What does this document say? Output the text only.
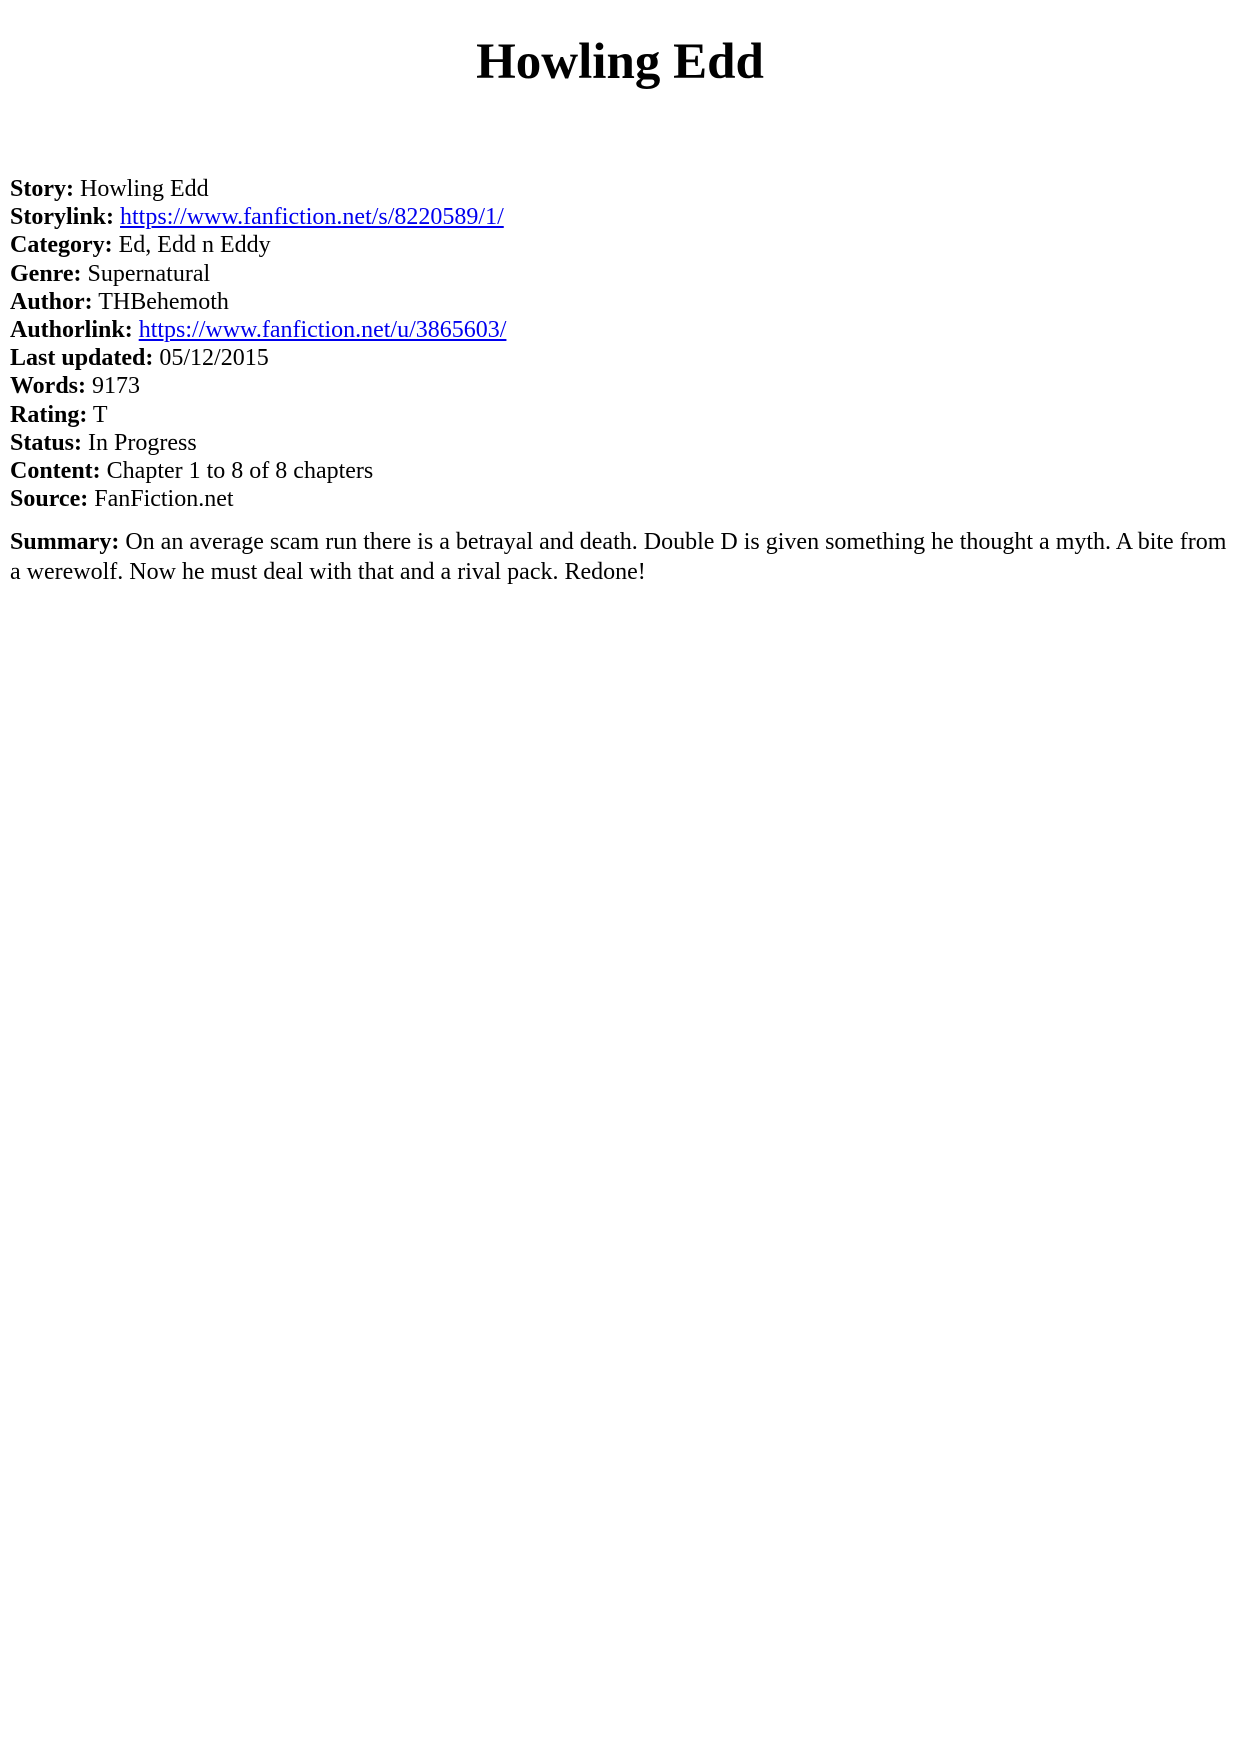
Howling Edd
Story: Howling Edd
Storylink: https://www.fanfiction.net/s/8220589/1/
Category: Ed, Edd n Eddy
Genre: Supernatural
Author: THBehemoth
Authorlink: https://www.fanfiction.net/u/3865603/
Last updated: 05/12/2015
Words: 9173
Rating: T
Status: In Progress
Content: Chapter 1 to 8 of 8 chapters
Source: FanFiction.net
Summary: On an average scam run there is a betrayal and death. Double D is given something he thought a myth. A bite from a werewolf. Now he must deal with that and a rival pack. Redone!
